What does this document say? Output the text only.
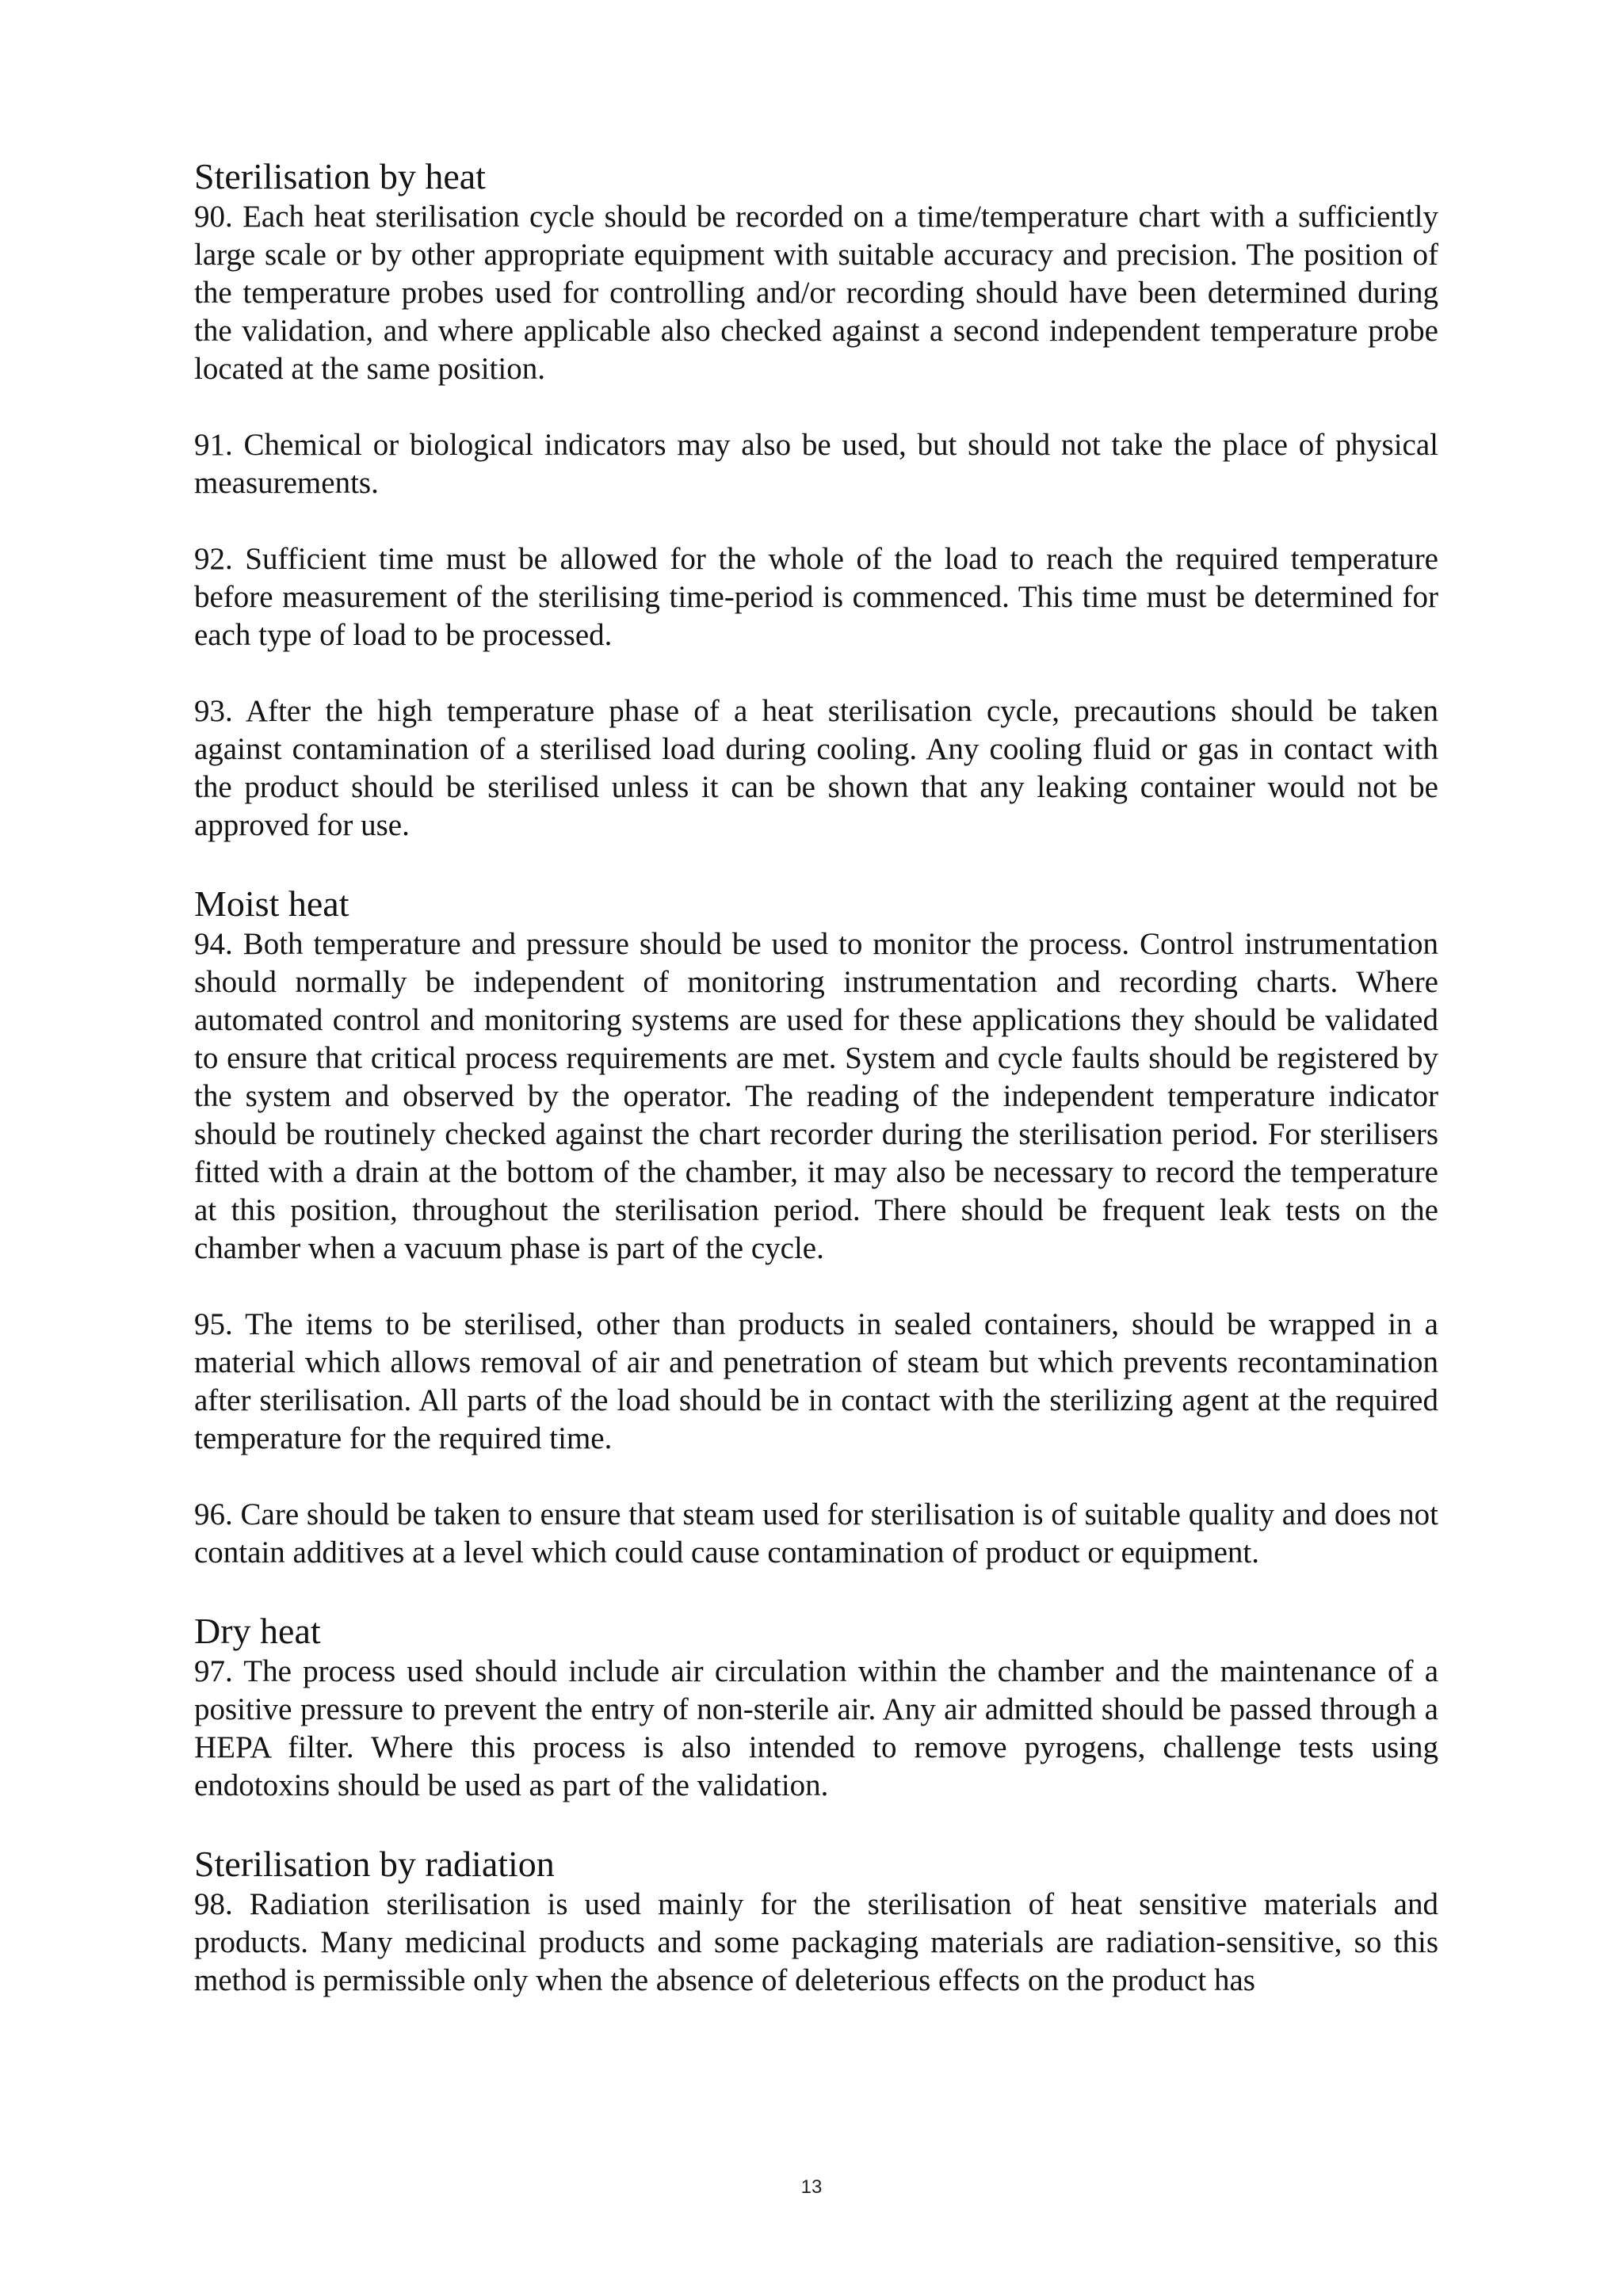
Sterilisation by heat

90. Each heat sterilisation cycle should be recorded on a time/temperature chart with a sufficiently large scale or by other appropriate equipment with suitable accuracy and precision. The position of the temperature probes used for controlling and/or recording should have been determined during the validation, and where applicable also checked against a second independent temperature probe located at the same position.

91. Chemical or biological indicators may also be used, but should not take the place of physical measurements.

92. Sufficient time must be allowed for the whole of the load to reach the required temperature before measurement of the sterilising time-period is commenced. This time must be determined for each type of load to be processed.

93. After the high temperature phase of a heat sterilisation cycle, precautions should be taken against contamination of a sterilised load during cooling. Any cooling fluid or gas in contact with the product should be sterilised unless it can be shown that any leaking container would not be approved for use.

Moist heat

94. Both temperature and pressure should be used to monitor the process. Control instrumentation should normally be independent of monitoring instrumentation and recording charts. Where automated control and monitoring systems are used for these applications they should be validated to ensure that critical process requirements are met. System and cycle faults should be registered by the system and observed by the operator. The reading of the independent temperature indicator should be routinely checked against the chart recorder during the sterilisation period. For sterilisers fitted with a drain at the bottom of the chamber, it may also be necessary to record the temperature at this position, throughout the sterilisation period. There should be frequent leak tests on the chamber when a vacuum phase is part of the cycle.

95. The items to be sterilised, other than products in sealed containers, should be wrapped in a material which allows removal of air and penetration of steam but which prevents recontamination after sterilisation. All parts of the load should be in contact with the sterilizing agent at the required temperature for the required time.

96. Care should be taken to ensure that steam used for sterilisation is of suitable quality and does not contain additives at a level which could cause contamination of product or equipment.

Dry heat

97. The process used should include air circulation within the chamber and the maintenance of a positive pressure to prevent the entry of non-sterile air. Any air admitted should be passed through a HEPA filter. Where this process is also intended to remove pyrogens, challenge tests using endotoxins should be used as part of the validation.

Sterilisation by radiation

98. Radiation sterilisation is used mainly for the sterilisation of heat sensitive materials and products. Many medicinal products and some packaging materials are radiation-sensitive, so this method is permissible only when the absence of deleterious effects on the product has

13
